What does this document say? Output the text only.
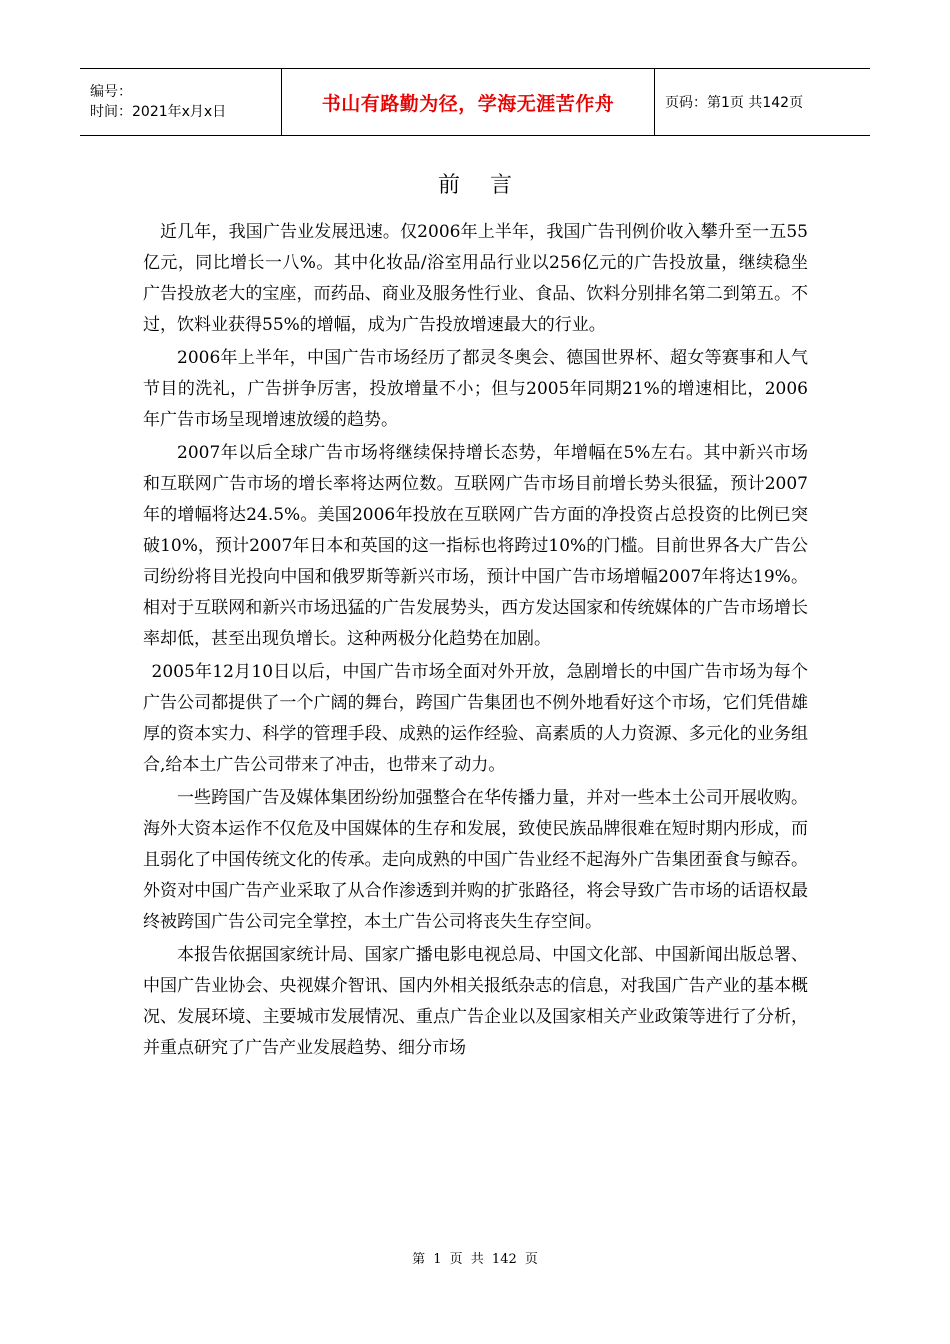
编号：
时间：2021年x月x日	书山有路勤为径，学海无涯苦作舟	页码：第1页 共142页
前言

近几年，我国广告业发展迅速。仅2006年上半年，我国广告刊例价收入攀升至一五55亿元，同比增长一八%。其中化妆品/浴室用品行业以256亿元的广告投放量，继续稳坐广告投放老大的宝座，而药品、商业及服务性行业、食品、饮料分别排名第二到第五。不过，饮料业获得55%的增幅，成为广告投放增速最大的行业。

2006年上半年，中国广告市场经历了都灵冬奥会、德国世界杯、超女等赛事和人气节目的洗礼，广告拼争厉害，投放增量不小；但与2005年同期21%的增速相比，2006年广告市场呈现增速放缓的趋势。

2007年以后全球广告市场将继续保持增长态势，年增幅在5%左右。其中新兴市场和互联网广告市场的增长率将达两位数。互联网广告市场目前增长势头很猛，预计2007年的增幅将达24.5%。美国2006年投放在互联网广告方面的净投资占总投资的比例已突破10%，预计2007年日本和英国的这一指标也将跨过10%的门槛。目前世界各大广告公司纷纷将目光投向中国和俄罗斯等新兴市场，预计中国广告市场增幅2007年将达19%。相对于互联网和新兴市场迅猛的广告发展势头，西方发达国家和传统媒体的广告市场增长率却低，甚至出现负增长。这种两极分化趋势在加剧。

2005年12月10日以后，中国广告市场全面对外开放，急剧增长的中国广告市场为每个广告公司都提供了一个广阔的舞台，跨国广告集团也不例外地看好这个市场，它们凭借雄厚的资本实力、科学的管理手段、成熟的运作经验、高素质的人力资源、多元化的业务组合,给本土广告公司带来了冲击，也带来了动力。

一些跨国广告及媒体集团纷纷加强整合在华传播力量，并对一些本土公司开展收购。海外大资本运作不仅危及中国媒体的生存和发展，致使民族品牌很难在短时期内形成，而且弱化了中国传统文化的传承。走向成熟的中国广告业经不起海外广告集团蚕食与鲸吞。外资对中国广告产业采取了从合作渗透到并购的扩张路径，将会导致广告市场的话语权最终被跨国广告公司完全掌控，本土广告公司将丧失生存空间。

本报告依据国家统计局、国家广播电影电视总局、中国文化部、中国新闻出版总署、中国广告业协会、央视媒介智讯、国内外相关报纸杂志的信息，对我国广告产业的基本概况、发展环境、主要城市发展情况、重点广告企业以及国家相关产业政策等进行了分析，并重点研究了广告产业发展趋势、细分市场

第 1 页 共 142 页
